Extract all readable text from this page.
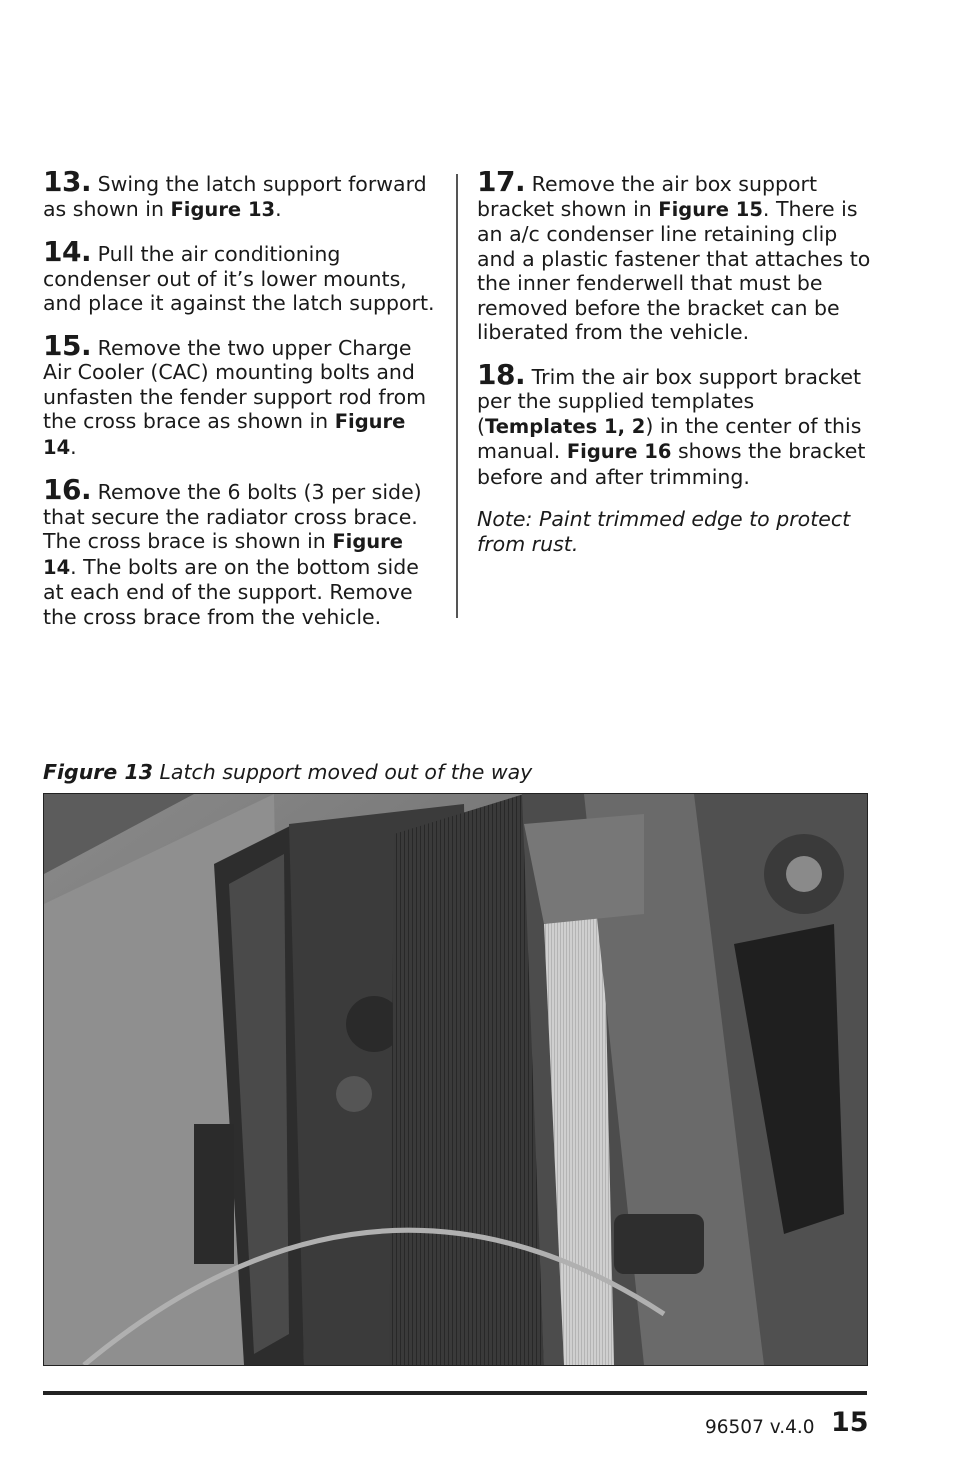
13. Swing the latch support forward as shown in Figure 13.

14. Pull the air conditioning condenser out of it’s lower mounts, and place it against the latch support.

15. Remove the two upper Charge Air Cooler (CAC) mounting bolts and unfasten the fender support rod from the cross brace as shown in Figure 14.

16. Remove the 6 bolts (3 per side) that secure the radiator cross brace. The cross brace is shown in Figure 14. The bolts are on the bottom side at each end of the support. Remove the cross brace from the vehicle.

17. Remove the air box support bracket shown in Figure 15. There is an a/c condenser line retaining clip and a plastic fastener that attaches to the inner fenderwell that must be removed before the bracket can be liberated from the vehicle.

18. Trim the air box support bracket per the supplied templates (Templates 1, 2) in the center of this manual. Figure 16 shows the bracket before and after trimming.

Note: Paint trimmed edge to protect from rust.

Figure 13 Latch support moved out of the way
96507 v.4.0 15
